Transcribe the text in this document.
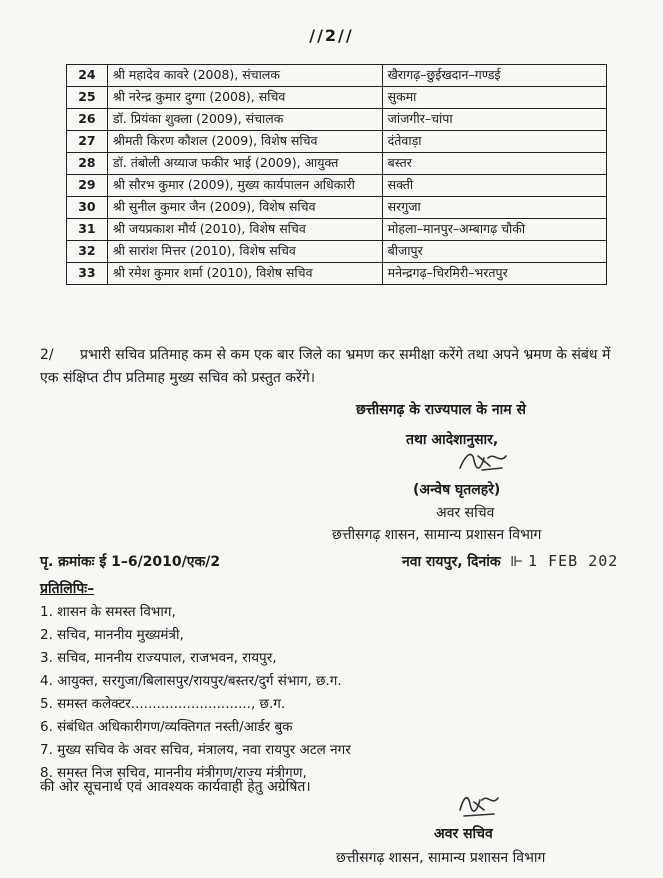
//2//
24	श्री महादेव कावरे (2008), संचालक	खैरागढ़–छुईखदान–गण्डई
25	श्री नरेन्द्र कुमार दुग्गा (2008), सचिव	सुकमा
26	डॉ. प्रियंका शुक्ला (2009), संचालक	जांजगीर–चांपा
27	श्रीमती किरण कौशल (2009), विशेष सचिव	दंतेवाड़ा
28	डॉ. तंबोली अय्याज फकीर भाई (2009), आयुक्त	बस्तर
29	श्री सौरभ कुमार (2009), मुख्य कार्यपालन अधिकारी	सक्ती
30	श्री सुनील कुमार जैन (2009), विशेष सचिव	सरगुजा
31	श्री जयप्रकाश मौर्य (2010), विशेष सचिव	मोहला–मानपुर–अम्बागढ़ चौकी
32	श्री सारांश मित्तर (2010), विशेष सचिव	बीजापुर
33	श्री रमेश कुमार शर्मा (2010), विशेष सचिव	मनेन्द्रगढ़–चिरमिरी–भरतपुर
2/ प्रभारी सचिव प्रतिमाह कम से कम एक बार जिले का भ्रमण कर समीक्षा करेंगे तथा अपने भ्रमण के संबंध में एक संक्षिप्त टीप प्रतिमाह मुख्य सचिव को प्रस्तुत करेंगे।
छत्तीसगढ़ के राज्यपाल के नाम से
तथा आदेशानुसार,
(अन्वेष घृतलहरे)
अवर सचिव
छत्तीसगढ़ शासन, सामान्य प्रशासन विभाग
पृ. क्रमांकः ई 1–6/2010/एक/2	नवा रायपुर, दिनांक  ⊩ 1 FEB 202
प्रतिलिपिः–
1. शासन के समस्त विभाग,
2. सचिव, माननीय मुख्यमंत्री,
3. सचिव, माननीय राज्यपाल, राजभवन, रायपुर,
4. आयुक्त, सरगुजा/बिलासपुर/रायपुर/बस्तर/दुर्ग संभाग, छ.ग.
5. समस्त कलेक्टर............................, छ.ग.
6. संबंधित अधिकारीगण/व्यक्तिगत नस्ती/आर्डर बुक
7. मुख्य सचिव के अवर सचिव, मंत्रालय, नवा रायपुर अटल नगर
8. समस्त निज सचिव, माननीय मंत्रीगण/राज्य मंत्रीगण,
की ओर सूचनार्थ एवं आवश्यक कार्यवाही हेतु अग्रेषित।
अवर सचिव
छत्तीसगढ़ शासन, सामान्य प्रशासन विभाग
